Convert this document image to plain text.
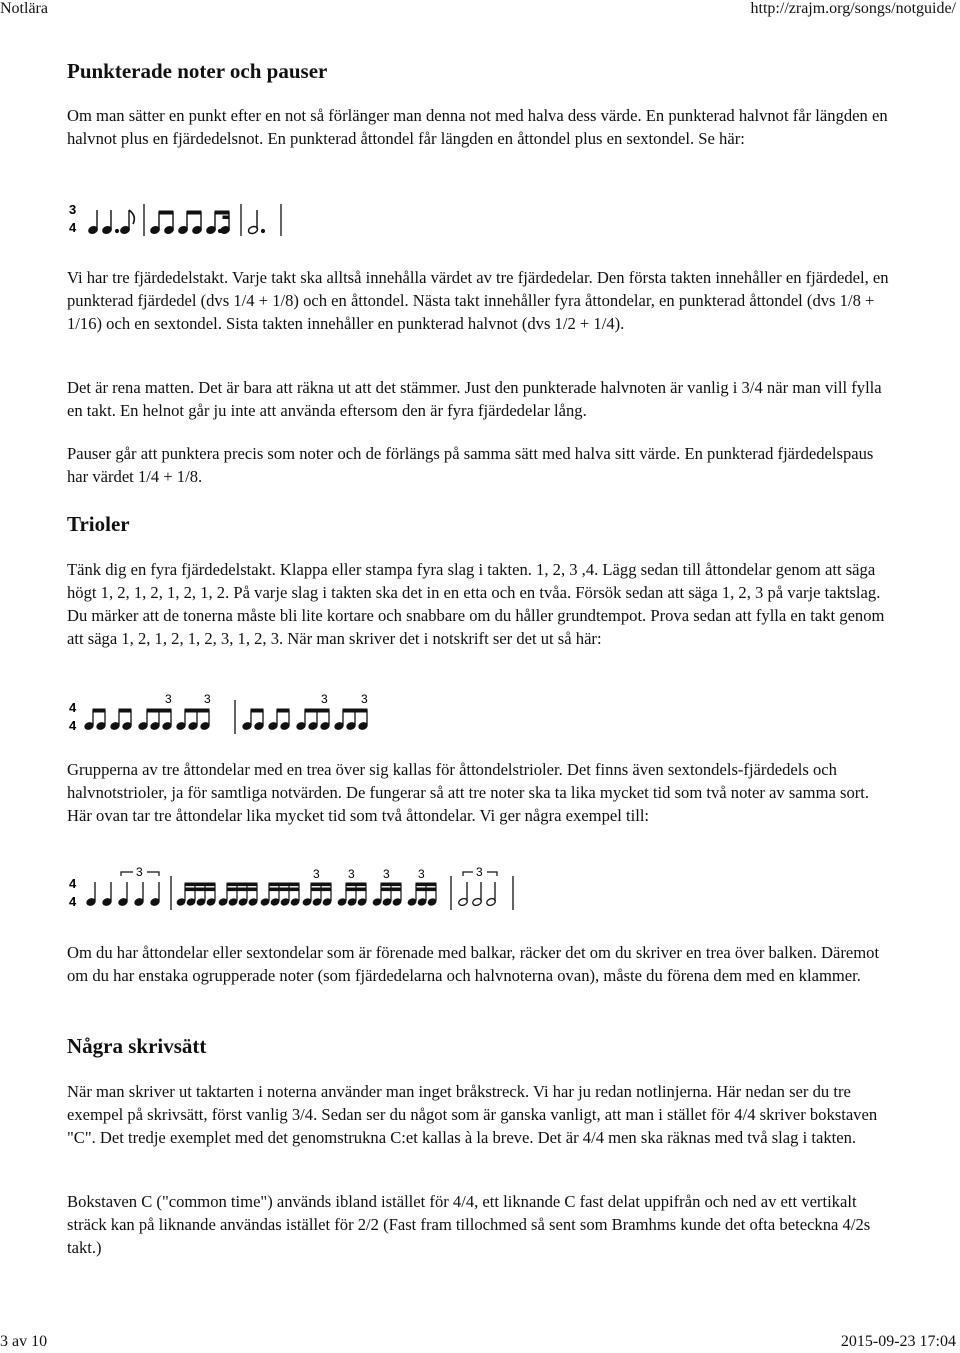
Notlära	http://zrajm.org/songs/notguide/
Punkterade noter och pauser

Om man sätter en punkt efter en not så förlänger man denna not med halva dess värde. En punkterad halvnot får längden en halvnot plus en fjärdedelsnot. En punkterad åttondel får längden en åttondel plus en sextondel. Se här:

3
4

Vi har tre fjärdedelstakt. Varje takt ska alltså innehålla värdet av tre fjärdedelar. Den första takten innehåller en fjärdedel, en punkterad fjärdedel (dvs 1/4 + 1/8) och en åttondel. Nästa takt innehåller fyra åttondelar, en punkterad åttondel (dvs 1/8 + 1/16) och en sextondel. Sista takten innehåller en punkterad halvnot (dvs 1/2 + 1/4).

Det är rena matten. Det är bara att räkna ut att det stämmer. Just den punkterade halvnoten är vanlig i 3/4 när man vill fylla en takt. En helnot går ju inte att använda eftersom den är fyra fjärdedelar lång.

Pauser går att punktera precis som noter och de förlängs på samma sätt med halva sitt värde. En punkterad fjärdedelspaus har värdet 1/4 + 1/8.

Trioler

Tänk dig en fyra fjärdedelstakt. Klappa eller stampa fyra slag i takten. 1, 2, 3 ,4. Lägg sedan till åttondelar genom att säga högt 1, 2, 1, 2, 1, 2, 1, 2. På varje slag i takten ska det in en etta och en tvåa. Försök sedan att säga 1, 2, 3 på varje taktslag. Du märker att de tonerna måste bli lite kortare och snabbare om du håller grundtempot. Prova sedan att fylla en takt genom att säga 1, 2, 1, 2, 1, 2, 3, 1, 2, 3. När man skriver det i notskrift ser det ut så här:

4
4
3	3	3	3

Grupperna av tre åttondelar med en trea över sig kallas för åttondelstrioler. Det finns även sextondels-fjärdedels och halvnotstrioler, ja för samtliga notvärden. De fungerar så att tre noter ska ta lika mycket tid som två noter av samma sort. Här ovan tar tre åttondelar lika mycket tid som två åttondelar. Vi ger några exempel till:

4
4
3	3 3 3 3	3

Om du har åttondelar eller sextondelar som är förenade med balkar, räcker det om du skriver en trea över balken. Däremot om du har enstaka ogrupperade noter (som fjärdedelarna och halvnoterna ovan), måste du förena dem med en klammer.

Några skrivsätt

När man skriver ut taktarten i noterna använder man inget bråkstreck. Vi har ju redan notlinjerna. Här nedan ser du tre exempel på skrivsätt, först vanlig 3/4. Sedan ser du något som är ganska vanligt, att man i stället för 4/4 skriver bokstaven "C". Det tredje exemplet med det genomstrukna C:et kallas à la breve. Det är 4/4 men ska räknas med två slag i takten.

Bokstaven C ("common time") används ibland istället för 4/4, ett liknande C fast delat uppifrån och ned av ett vertikalt sträck kan på liknande användas istället för 2/2 (Fast fram tillochmed så sent som Bramhms kunde det ofta beteckna 4/2s takt.)

3 av 10	2015-09-23 17:04
